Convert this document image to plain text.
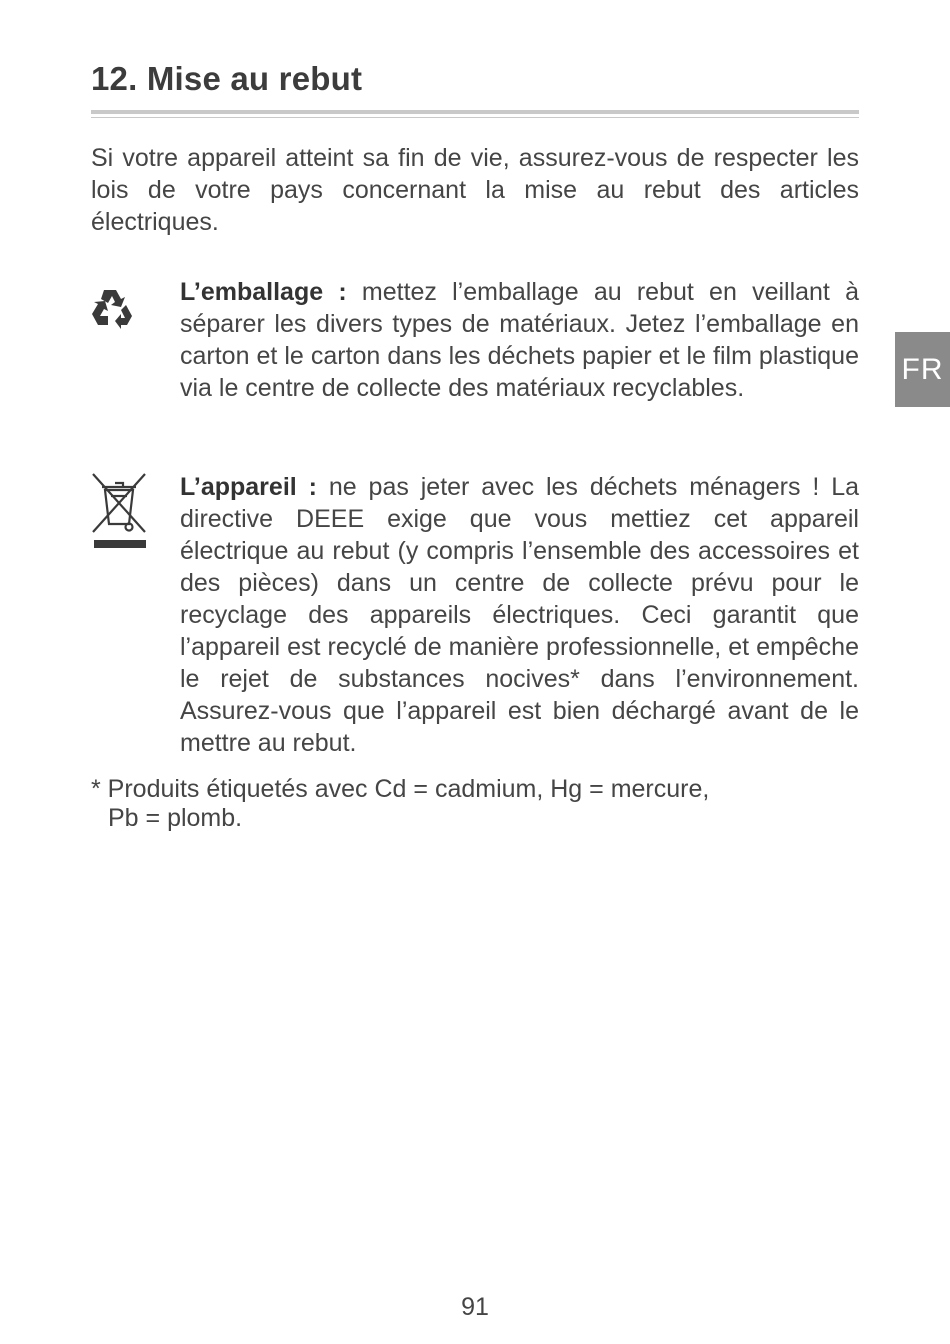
12. Mise au rebut

Si votre appareil atteint sa fin de vie, assurez-vous de respecter les lois de votre pays concernant la mise au rebut des articles électriques.

L’emballage : mettez l’emballage au rebut en veillant à séparer les divers types de matériaux. Jetez l’emballage en carton et le carton dans les déchets papier et le film plastique via le centre de collecte des matériaux recyclables.

L’appareil : ne pas jeter avec les déchets ménagers ! La directive DEEE exige que vous mettiez cet appareil électrique au rebut (y compris l’ensemble des accessoires et des pièces) dans un centre de collecte prévu pour le recyclage des appareils électriques. Ceci garantit que l’appareil est recyclé de manière professionnelle, et empêche le rejet de substances nocives* dans l’environnement. Assurez-vous que l’appareil est bien déchargé avant de le mettre au rebut.

* Produits étiquetés avec Cd = cadmium, Hg = mercure,
Pb = plomb.

FR
91
